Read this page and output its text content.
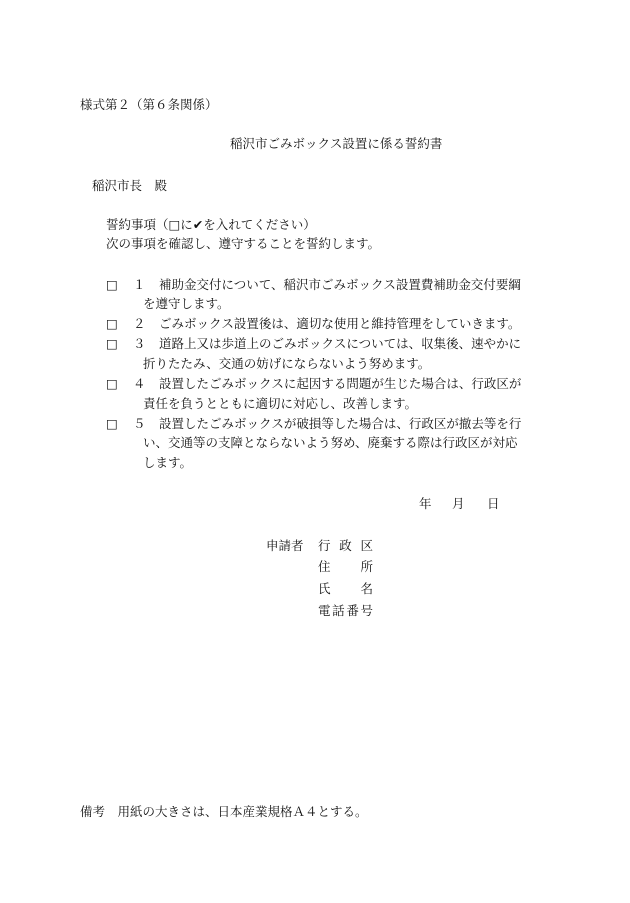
様式第２（第６条関係）
稲沢市ごみボックス設置に係る誓約書
稲沢市長　殿
誓約事項（□に✔を入れてください）
次の事項を確認し、遵守することを誓約します。
□ １ 補助金交付について、稲沢市ごみボックス設置費補助金交付要綱
を遵守します。
□ ２ ごみボックス設置後は、適切な使用と維持管理をしていきます。
□ ３ 道路上又は歩道上のごみボックスについては、収集後、速やかに
折りたたみ、交通の妨げにならないよう努めます。
□ ４ 設置したごみボックスに起因する問題が生じた場合は、行政区が
責任を負うとともに適切に対応し、改善します。
□ ５ 設置したごみボックスが破損等した場合は、行政区が撤去等を行
い、交通等の支障とならないよう努め、廃棄する際は行政区が対応
します。
年 月 日
申請者 行政区
住所
氏名
電話番号
備考　用紙の大きさは、日本産業規格Ａ４とする。
